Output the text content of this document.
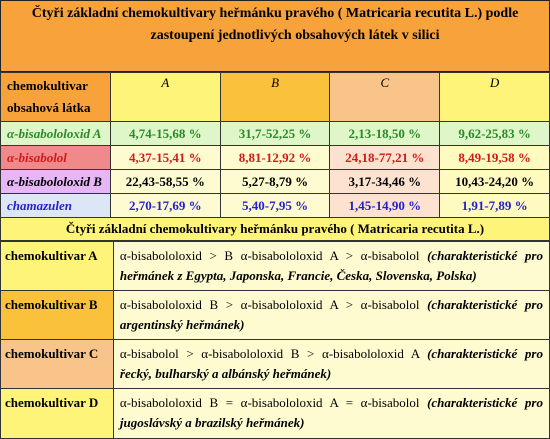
Čtyři základní chemokultivary heřmánku pravého ( Matricaria recutita L.) podle
zastoupení jednotlivých obsahových látek v silici
chemokultivar
obsahová látka	A	B	C	D
α-bisabololoxid A	4,74-15,68 %	31,7-52,25 %	2,13-18,50 %	9,62-25,83 %
α-bisabolol	4,37-15,41 %	8,81-12,92 %	24,18-77,21 %	8,49-19,58 %
α-bisabololoxid B	22,43-58,55 %	5,27-8,79 %	3,17-34,46 %	10,43-24,20 %
chamazulen	2,70-17,69 %	5,40-7,95 %	1,45-14,90 %	1,91-7,89 %
Čtyři základní chemokultivary heřmánku pravého ( Matricaria recutita L.)
chemokultivar A	α-bisabololoxid > B α-bisabololoxid A > α-bisabolol (charakteristické pro heřmánek z Egypta, Japonska, Francie, Česka, Slovenska, Polska)
chemokultivar B	α-bisabololoxid B > α-bisabololoxid A > α-bisabolol (charakteristické pro argentinský heřmánek)
chemokultivar C	α-bisabolol > α-bisabololoxid B > α-bisabololoxid A (charakteristické pro řecký, bulharský a albánský heřmánek)
chemokultivar D	α-bisabololoxid B = α-bisabololoxid A = α-bisabolol (charakteristické pro jugoslávský a brazilský heřmánek)
